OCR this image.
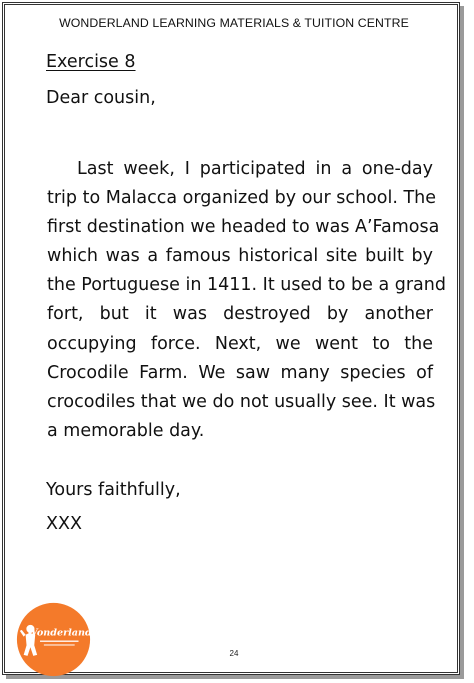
WONDERLAND LEARNING MATERIALS & TUITION CENTRE
Exercise 8
Dear cousin,
Last week, I participated in a one-day
trip to Malacca organized by our school. The
first destination we headed to was A’Famosa
which was a famous historical site built by
the Portuguese in 1411. It used to be a grand
fort, but it was destroyed by another
occupying force. Next, we went to the
Crocodile Farm. We saw many species of
crocodiles that we do not usually see. It was
a memorable day.
Yours faithfully,
XXX
Wonderland
24
